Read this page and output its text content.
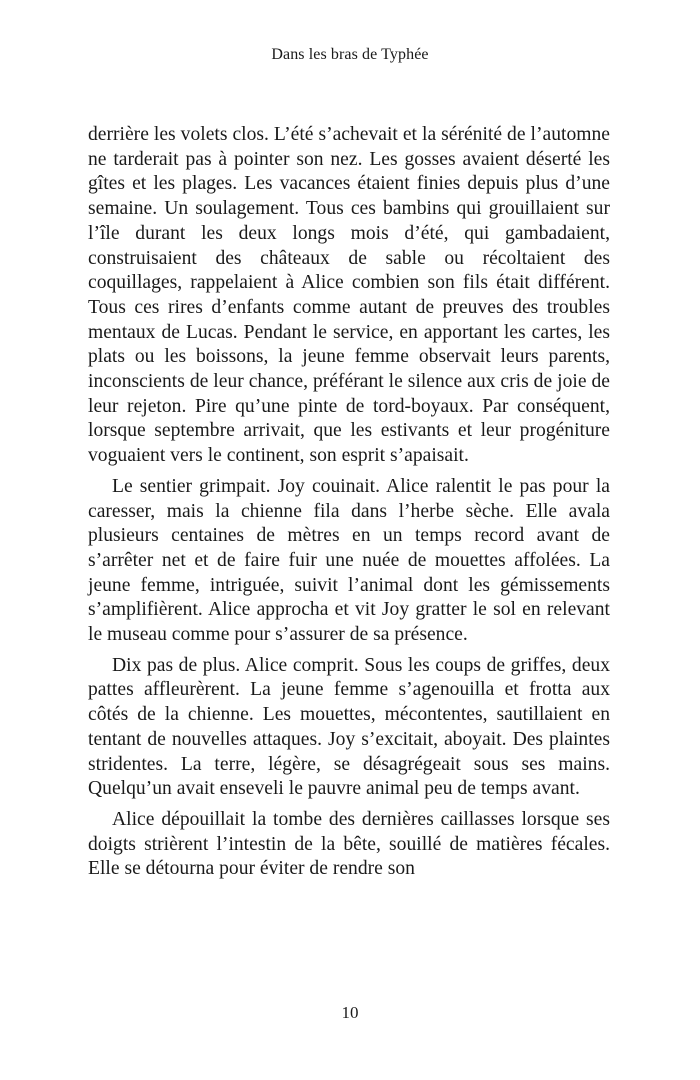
Dans les bras de Typhée

derrière les volets clos. L’été s’achevait et la sérénité de l’automne ne tarderait pas à pointer son nez. Les gosses avaient déserté les gîtes et les plages. Les vacances étaient finies depuis plus d’une semaine. Un soulagement. Tous ces bambins qui grouillaient sur l’île durant les deux longs mois d’été, qui gambadaient, construisaient des châteaux de sable ou récoltaient des coquillages, rappelaient à Alice combien son fils était différent. Tous ces rires d’enfants comme autant de preuves des troubles mentaux de Lucas. Pendant le service, en apportant les cartes, les plats ou les boissons, la jeune femme observait leurs parents, inconscients de leur chance, préférant le silence aux cris de joie de leur rejeton. Pire qu’une pinte de tord-boyaux. Par conséquent, lorsque septembre arrivait, que les estivants et leur progéniture voguaient vers le continent, son esprit s’apaisait.

Le sentier grimpait. Joy couinait. Alice ralentit le pas pour la caresser, mais la chienne fila dans l’herbe sèche. Elle avala plusieurs centaines de mètres en un temps record avant de s’arrêter net et de faire fuir une nuée de mouettes affolées. La jeune femme, intriguée, suivit l’animal dont les gémissements s’amplifièrent. Alice approcha et vit Joy gratter le sol en relevant le museau comme pour s’assurer de sa présence.

Dix pas de plus. Alice comprit. Sous les coups de griffes, deux pattes affleurèrent. La jeune femme s’agenouilla et frotta aux côtés de la chienne. Les mouettes, mécontentes, sautillaient en tentant de nouvelles attaques. Joy s’excitait, aboyait. Des plaintes stridentes. La terre, légère, se désagrégeait sous ses mains. Quelqu’un avait enseveli le pauvre animal peu de temps avant.

Alice dépouillait la tombe des dernières caillasses lorsque ses doigts strièrent l’intestin de la bête, souillé de matières fécales. Elle se détourna pour éviter de rendre son

10
